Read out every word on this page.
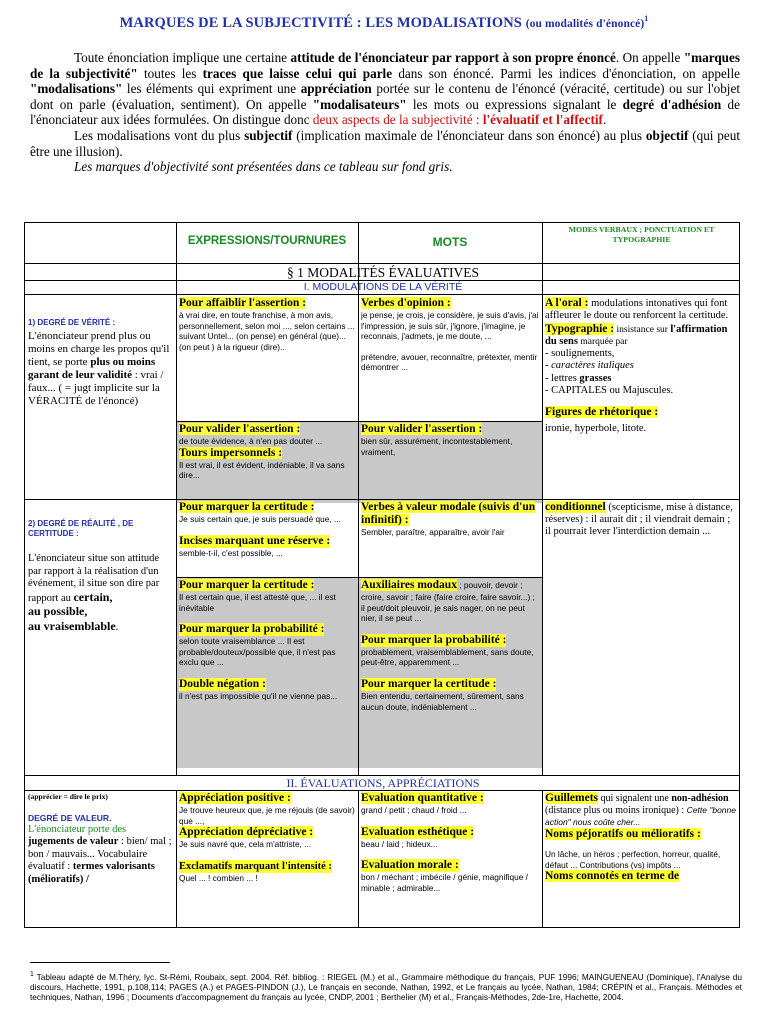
MARQUES DE LA SUBJECTIVITÉ : LES MODALISATIONS (ou modalités d'énoncé)$^1$

Toute énonciation implique une certaine attitude de l'énonciateur par rapport à son propre énoncé. On appelle "marques de la subjectivité" toutes les traces que laisse celui qui parle dans son énoncé. Parmi les indices d'énonciation, on appelle "modalisations" les éléments qui expriment une appréciation portée sur le contenu de l'énoncé (véracité, certitude) ou sur l'objet dont on parle (évaluation, sentiment). On appelle "modalisateurs" les mots ou expressions signalant le degré d'adhésion de l'énonciateur aux idées formulées. On distingue donc deux aspects de la subjectivité : l'évaluatif et l'affectif.

Les modalisations vont du plus subjectif (implication maximale de l'énonciateur dans son énoncé) au plus objectif (qui peut être une illusion).

Les marques d'objectivité sont présentées dans ce tableau sur fond gris.

EXPRESSIONS/TOURNURES	MOTS
MODES VERBAUX ; PONCTUATION ET TYPOGRAPHIE
§ 1 MODALITÉS ÉVALUATIVES
I. MODULATIONS DE LA VÉRITÉ
1) DEGRÉ DE VÉRITÉ :
L'énonciateur prend plus ou moins en charge les propos qu'il tient, se porte plus ou moins garant de leur validité : vrai / faux... ( = jugt implicite sur la VÉRACITÉ de l'énoncé)
Pour affaiblir l'assertion :
à vrai dire, en toute franchise, à mon avis, personnellement, selon moi ..., selon certains ... suivant Untel... (on pense) en général (que)... (on peut ) à la rigueur (dire)..
Pour valider l'assertion :
de toute évidence, à n'en pas douter ...
Tours impersonnels :
Il est vrai, il est évident, indéniable, il va sans dire...
Verbes d'opinion :
je pense, je crois, je considère, je suis d'avis, j'ai l'impression, je suis sûr, j'ignore, j'imagine, je reconnais, j'admets, je me doute, ...
prétendre, avouer, reconnaître, prétexter, mentir démontrer ...
Pour valider l'assertion :
bien sûr, assurément, incontestablement, vraiment,
A l'oral : modulations intonatives qui font affleurer le doute ou renforcent la certitude.
Typographie : insistance sur l'affirmation du sens marquée par
- soulignements,
- caractères italiques
- lettres grasses
- CAPITALES ou Majuscules.
Figures de rhétorique :
ironie, hyperbole, litote.
2) DEGRÉ DE RÉALITÉ , DE CERTITUDE :
L'énonciateur situe son attitude par rapport à la réalisation d'un événement, il situe son dire par rapport au certain,
au possible,
au vraisemblable.
Pour marquer la certitude :
Je suis certain que, je suis persuadé que, ...
Incises marquant une réserve :
semble-t-il, c'est possible, ...
Pour marquer la certitude :
Il est certain que, il est attesté que, ... il est inévitable
Pour marquer la probabilité :
selon toute vraisemblance ... Il est probable/douteux/possible que, il n'est pas exclu que ...
Double négation :
il n'est pas impossible qu'il ne vienne pas...
Verbes à valeur modale (suivis d'un infinitif) :
Sembler, paraître, apparaître, avoir l'air
Auxiliaires modaux ; pouvoir, devoir ; croire, savoir ; faire (faire croire, faire savoir...) ; il peut/doit pleuvoir, je sais nager, on ne peut nier, il se peut ...
Pour marquer la probabilité :
probablement, vraisemblablement, sans doute, peut-être, apparemment ...
Pour marquer la certitude :
Bien entendu, certainement, sûrement, sans aucun doute, indéniablement ...
conditionnel (scepticisme, mise à distance, réserves) : il aurait dit ; il viendrait demain ; il pourrait lever l'interdiction demain ...
II. ÉVALUATIONS, APPRÉCIATIONS
(apprécier = dire le prix)
DEGRÉ DE VALEUR.
L'énonciateur porte des jugements de valeur : bien/ mal ; bon / mauvais... Vocabulaire évaluatif : termes valorisants (mélioratifs) /
Appréciation positive :
Je trouve heureux que, je me réjouis (de savoir) que ...,
Appréciation dépréciative :
Je suis navré que, cela m'attriste, ...
Exclamatifs marquant l'intensité :
Quel ... ! combien ... !
Evaluation quantitative :
grand / petit ; chaud / froid ...
Evaluation esthétique :
beau / laid ; hideux...
Evaluation morale :
bon / méchant ; imbécile / génie, magnifique / minable ; admirable...
Guillemets qui signalent une non-adhésion (distance plus ou moins ironique) : Cette "bonne action" nous coûte cher...
Noms péjoratifs ou mélioratifs :
Un lâche, un héros ; perfection, horreur, qualité, défaut ... Contributions (vs) impôts ...
Noms connotés en terme de
$^1$ Tableau adapté de M.Théry, lyc. St-Rémi, Roubaix, sept. 2004. Réf. bibliog. : RIEGEL (M.) et al., Grammaire méthodique du français, PUF 1996; MAINGUENEAU (Dominique), l'Analyse du discours, Hachette, 1991, p.108,114; PAGES (A.) et PAGES-PINDON (J.), Le français en seconde, Nathan, 1992, et Le français au lycée, Nathan, 1984; CRÉPIN et al., Français. Méthodes et techniques, Nathan, 1996 ; Documents d'accompagnement du français au lycée, CNDP, 2001 ; Berthelier (M) et al., Français-Méthodes, 2de-1re, Hachette, 2004.
